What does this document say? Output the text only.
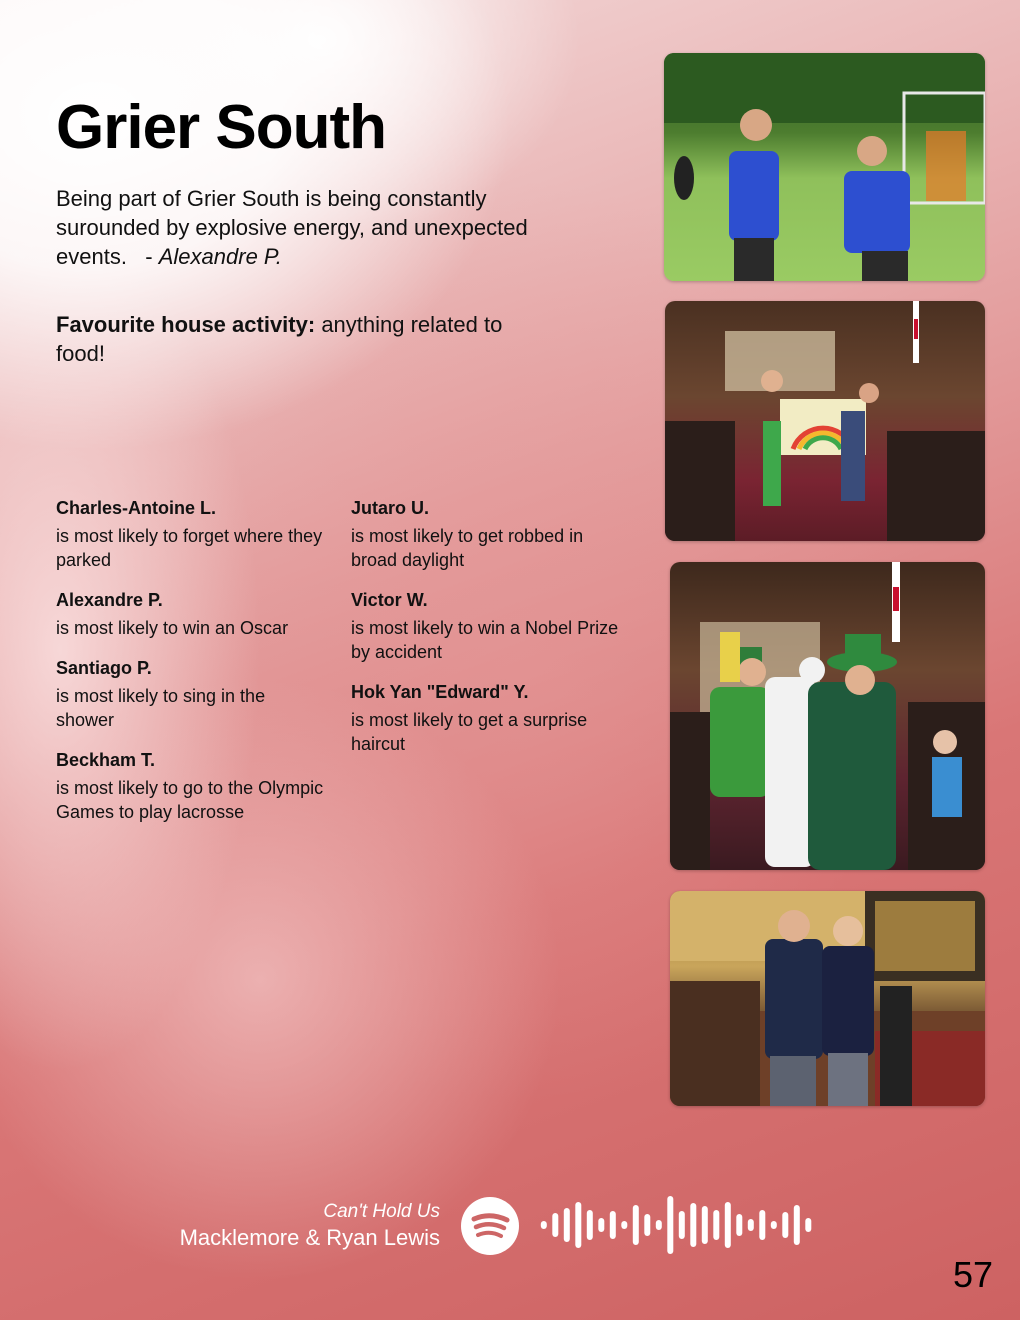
Grier South

Being part of Grier South is being constantly surounded by explosive energy, and unexpected events. - Alexandre P.

Favourite house activity: anything related to food!

Charles-Antoine L.
is most likely to forget where they parked
Alexandre P.
is most likely to win an Oscar
Santiago P.
is most likely to sing in the shower
Beckham T.
is most likely to go to the Olympic Games to play lacrosse
Jutaro U.
is most likely to get robbed in broad daylight
Victor W.
is most likely to win a Nobel Prize by accident
Hok Yan "Edward" Y.
is most likely to get a surprise haircut
Can't Hold Us
Macklemore & Ryan Lewis
57
